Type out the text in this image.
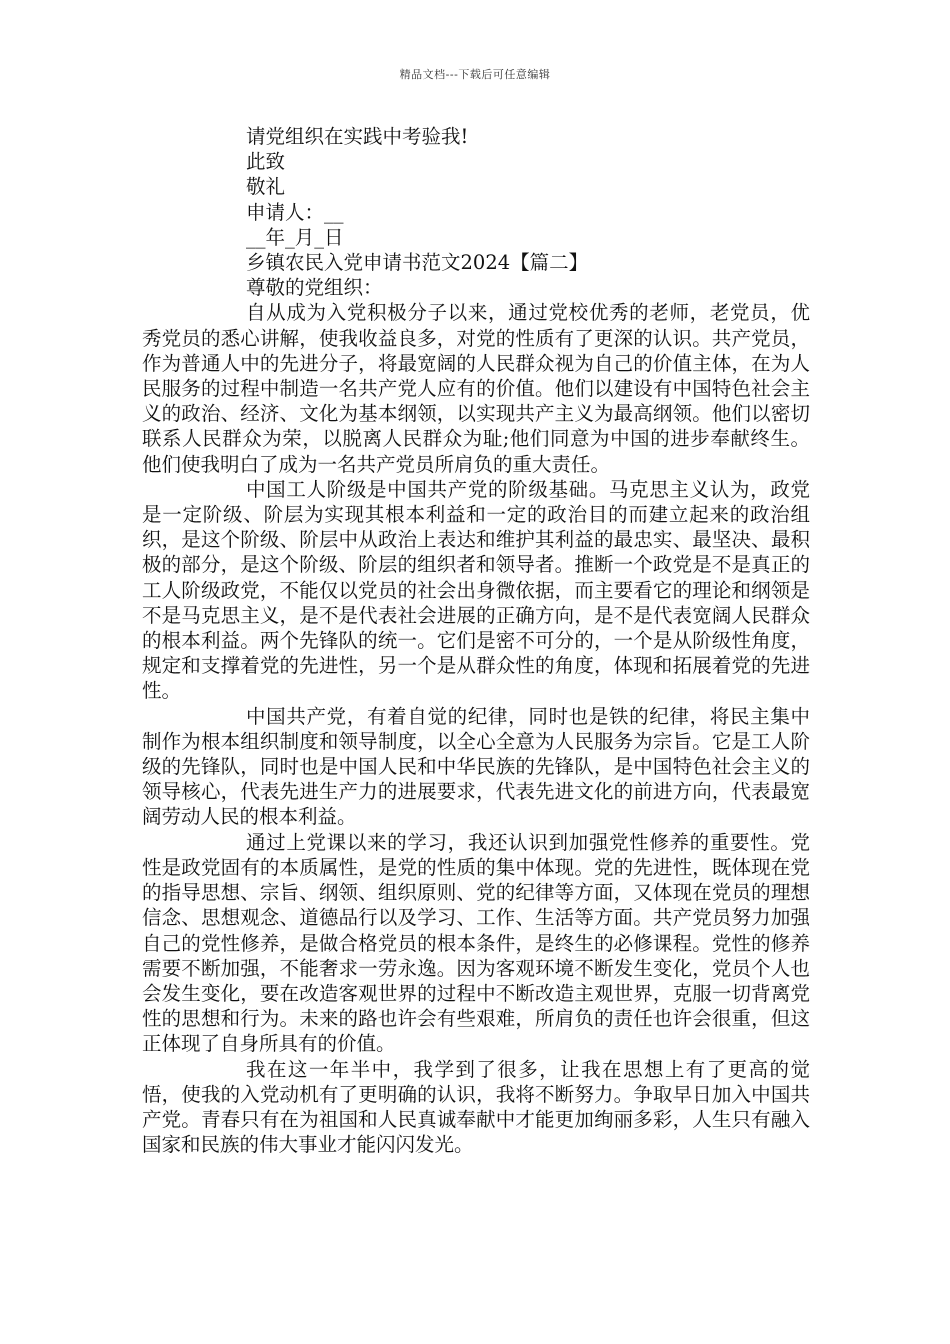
精品文档---下载后可任意编辑
请党组织在实践中考验我!
此致
敬礼
申请人：__
__年_月_日
乡镇农民入党申请书范文2024【篇二】
尊敬的党组织：

自从成为入党积极分子以来，通过党校优秀的老师，老党员，优秀党员的悉心讲解，使我收益良多，对党的性质有了更深的认识。共产党员，作为普通人中的先进分子，将最宽阔的人民群众视为自己的价值主体，在为人民服务的过程中制造一名共产党人应有的价值。他们以建设有中国特色社会主义的政治、经济、文化为基本纲领，以实现共产主义为最高纲领。他们以密切联系人民群众为荣，以脱离人民群众为耻;他们同意为中国的进步奉献终生。他们使我明白了成为一名共产党员所肩负的重大责任。

中国工人阶级是中国共产党的阶级基础。马克思主义认为，政党是一定阶级、阶层为实现其根本利益和一定的政治目的而建立起来的政治组织，是这个阶级、阶层中从政治上表达和维护其利益的最忠实、最坚决、最积极的部分，是这个阶级、阶层的组织者和领导者。推断一个政党是不是真正的工人阶级政党，不能仅以党员的社会出身微依据，而主要看它的理论和纲领是不是马克思主义，是不是代表社会进展的正确方向，是不是代表宽阔人民群众的根本利益。两个先锋队的统一。它们是密不可分的，一个是从阶级性角度，规定和支撑着党的先进性，另一个是从群众性的角度，体现和拓展着党的先进性。

中国共产党，有着自觉的纪律，同时也是铁的纪律，将民主集中制作为根本组织制度和领导制度，以全心全意为人民服务为宗旨。它是工人阶级的先锋队，同时也是中国人民和中华民族的先锋队，是中国特色社会主义的领导核心，代表先进生产力的进展要求，代表先进文化的前进方向，代表最宽阔劳动人民的根本利益。

通过上党课以来的学习，我还认识到加强党性修养的重要性。党性是政党固有的本质属性，是党的性质的集中体现。党的先进性，既体现在党的指导思想、宗旨、纲领、组织原则、党的纪律等方面，又体现在党员的理想信念、思想观念、道德品行以及学习、工作、生活等方面。共产党员努力加强自己的党性修养，是做合格党员的根本条件，是终生的必修课程。党性的修养需要不断加强，不能奢求一劳永逸。因为客观环境不断发生变化，党员个人也会发生变化，要在改造客观世界的过程中不断改造主观世界，克服一切背离党性的思想和行为。未来的路也许会有些艰难，所肩负的责任也许会很重，但这正体现了自身所具有的价值。

我在这一年半中，我学到了很多，让我在思想上有了更高的觉悟，使我的入党动机有了更明确的认识，我将不断努力。争取早日加入中国共产党。青春只有在为祖国和人民真诚奉献中才能更加绚丽多彩，人生只有融入国家和民族的伟大事业才能闪闪发光。
